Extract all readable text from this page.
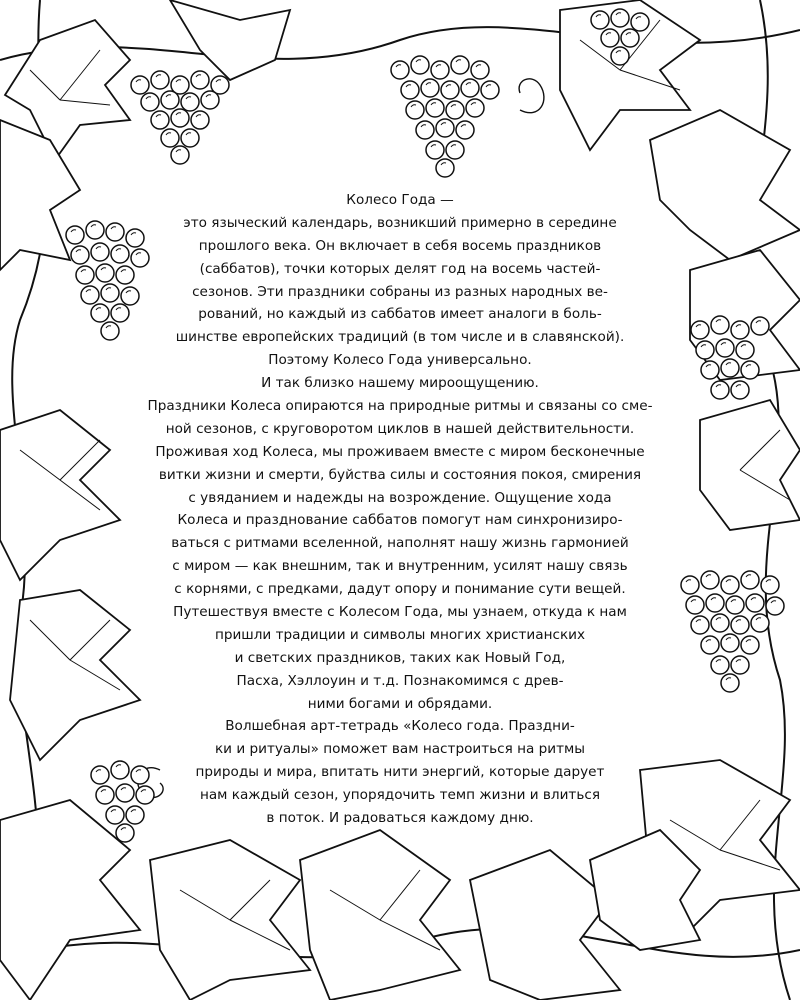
Колесо Года —
это языческий календарь, возникший примерно в середине
прошлого века. Он включает в себя восемь праздников
(саббатов), точки которых делят год на восемь частей-
сезонов. Эти праздники собраны из разных народных ве-
рований, но каждый из саббатов имеет аналоги в боль-
шинстве европейских традиций (в том числе и в славянской).
Поэтому Колесо Года универсально.
И так близко нашему мироощущению.
Праздники Колеса опираются на природные ритмы и связаны со сме-
ной сезонов, с круговоротом циклов в нашей действительности.
Проживая ход Колеса, мы проживаем вместе с миром бесконечные
витки жизни и смерти, буйства силы и состояния покоя, смирения
с увяданием и надежды на возрождение. Ощущение хода
Колеса и празднование саббатов помогут нам синхронизиро-
ваться с ритмами вселенной, наполнят нашу жизнь гармонией
с миром — как внешним, так и внутренним, усилят нашу связь
с корнями, с предками, дадут опору и понимание сути вещей.
Путешествуя вместе с Колесом Года, мы узнаем, откуда к нам
пришли традиции и символы многих христианских
и светских праздников, таких как Новый Год,
Пасха, Хэллоуин и т.д. Познакомимся с древ-
ними богами и обрядами.
Волшебная арт-тетрадь «Колесо года. Праздни-
ки и ритуалы» поможет вам настроиться на ритмы
природы и мира, впитать нити энергий, которые дарует
нам каждый сезон, упорядочить темп жизни и влиться
в поток. И радоваться каждому дню.
